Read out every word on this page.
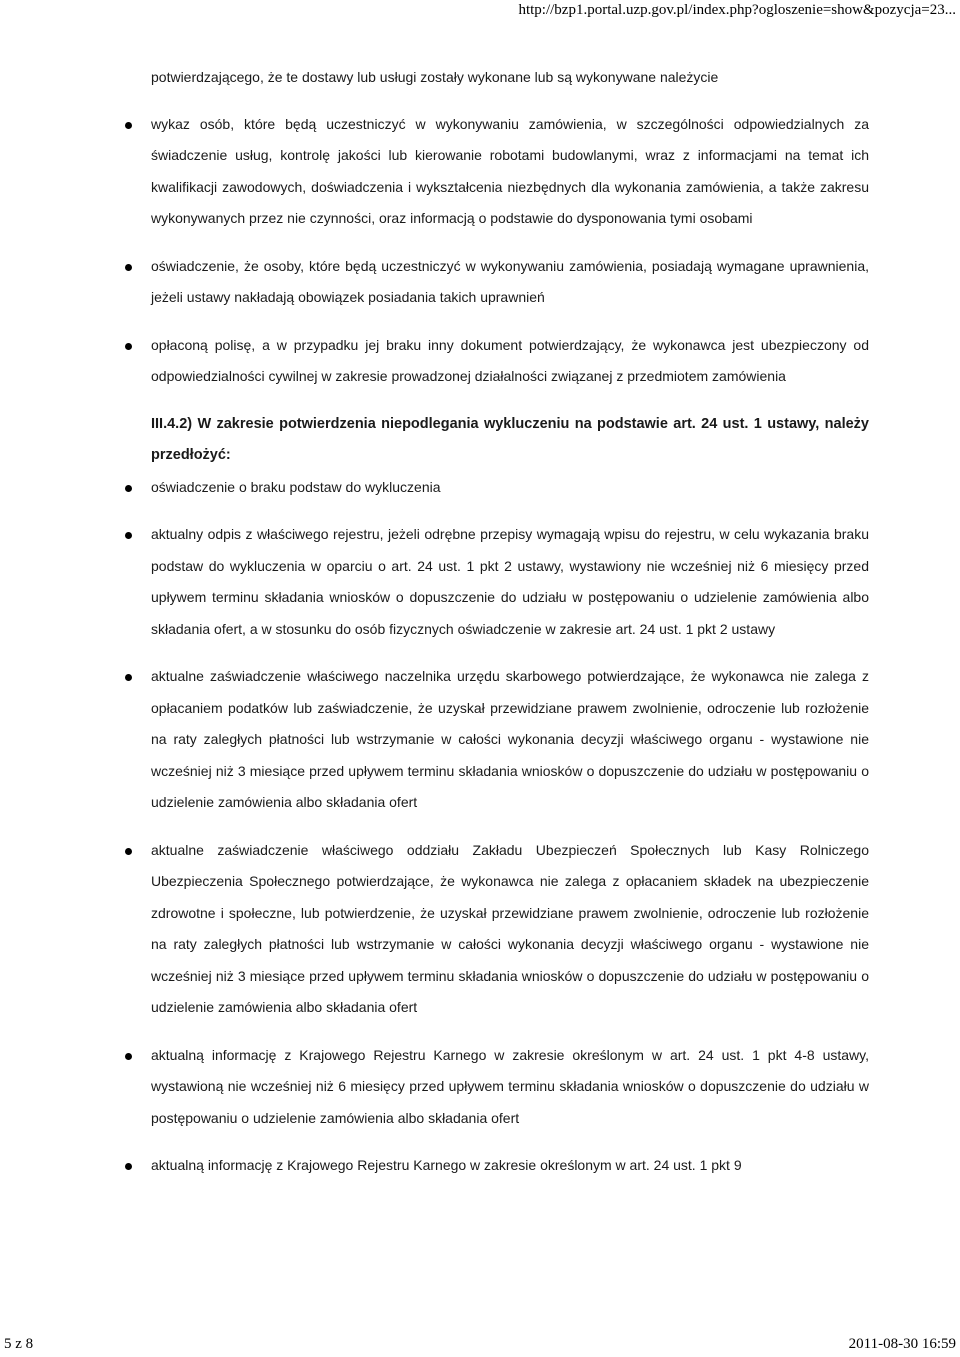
http://bzp1.portal.uzp.gov.pl/index.php?ogloszenie=show&pozycja=23...

potwierdzającego, że te dostawy lub usługi zostały wykonane lub są wykonywane należycie

wykaz osób, które będą uczestniczyć w wykonywaniu zamówienia, w szczególności odpowiedzialnych za świadczenie usług, kontrolę jakości lub kierowanie robotami budowlanymi, wraz z informacjami na temat ich kwalifikacji zawodowych, doświadczenia i wykształcenia niezbędnych dla wykonania zamówienia, a także zakresu wykonywanych przez nie czynności, oraz informacją o podstawie do dysponowania tymi osobami
oświadczenie, że osoby, które będą uczestniczyć w wykonywaniu zamówienia, posiadają wymagane uprawnienia, jeżeli ustawy nakładają obowiązek posiadania takich uprawnień
opłaconą polisę, a w przypadku jej braku inny dokument potwierdzający, że wykonawca jest ubezpieczony od odpowiedzialności cywilnej w zakresie prowadzonej działalności związanej z przedmiotem zamówienia

III.4.2) W zakresie potwierdzenia niepodlegania wykluczeniu na podstawie art. 24 ust. 1 ustawy, należy przedłożyć:

oświadczenie o braku podstaw do wykluczenia
aktualny odpis z właściwego rejestru, jeżeli odrębne przepisy wymagają wpisu do rejestru, w celu wykazania braku podstaw do wykluczenia w oparciu o art. 24 ust. 1 pkt 2 ustawy, wystawiony nie wcześniej niż 6 miesięcy przed upływem terminu składania wniosków o dopuszczenie do udziału w postępowaniu o udzielenie zamówienia albo składania ofert, a w stosunku do osób fizycznych oświadczenie w zakresie art. 24 ust. 1 pkt 2 ustawy
aktualne zaświadczenie właściwego naczelnika urzędu skarbowego potwierdzające, że wykonawca nie zalega z opłacaniem podatków lub zaświadczenie, że uzyskał przewidziane prawem zwolnienie, odroczenie lub rozłożenie na raty zaległych płatności lub wstrzymanie w całości wykonania decyzji właściwego organu - wystawione nie wcześniej niż 3 miesiące przed upływem terminu składania wniosków o dopuszczenie do udziału w postępowaniu o udzielenie zamówienia albo składania ofert
aktualne zaświadczenie właściwego oddziału Zakładu Ubezpieczeń Społecznych lub Kasy Rolniczego Ubezpieczenia Społecznego potwierdzające, że wykonawca nie zalega z opłacaniem składek na ubezpieczenie zdrowotne i społeczne, lub potwierdzenie, że uzyskał przewidziane prawem zwolnienie, odroczenie lub rozłożenie na raty zaległych płatności lub wstrzymanie w całości wykonania decyzji właściwego organu - wystawione nie wcześniej niż 3 miesiące przed upływem terminu składania wniosków o dopuszczenie do udziału w postępowaniu o udzielenie zamówienia albo składania ofert
aktualną informację z Krajowego Rejestru Karnego w zakresie określonym w art. 24 ust. 1 pkt 4-8 ustawy, wystawioną nie wcześniej niż 6 miesięcy przed upływem terminu składania wniosków o dopuszczenie do udziału w postępowaniu o udzielenie zamówienia albo składania ofert
aktualną informację z Krajowego Rejestru Karnego w zakresie określonym w art. 24 ust. 1 pkt 9
5 z 8	2011-08-30 16:59
